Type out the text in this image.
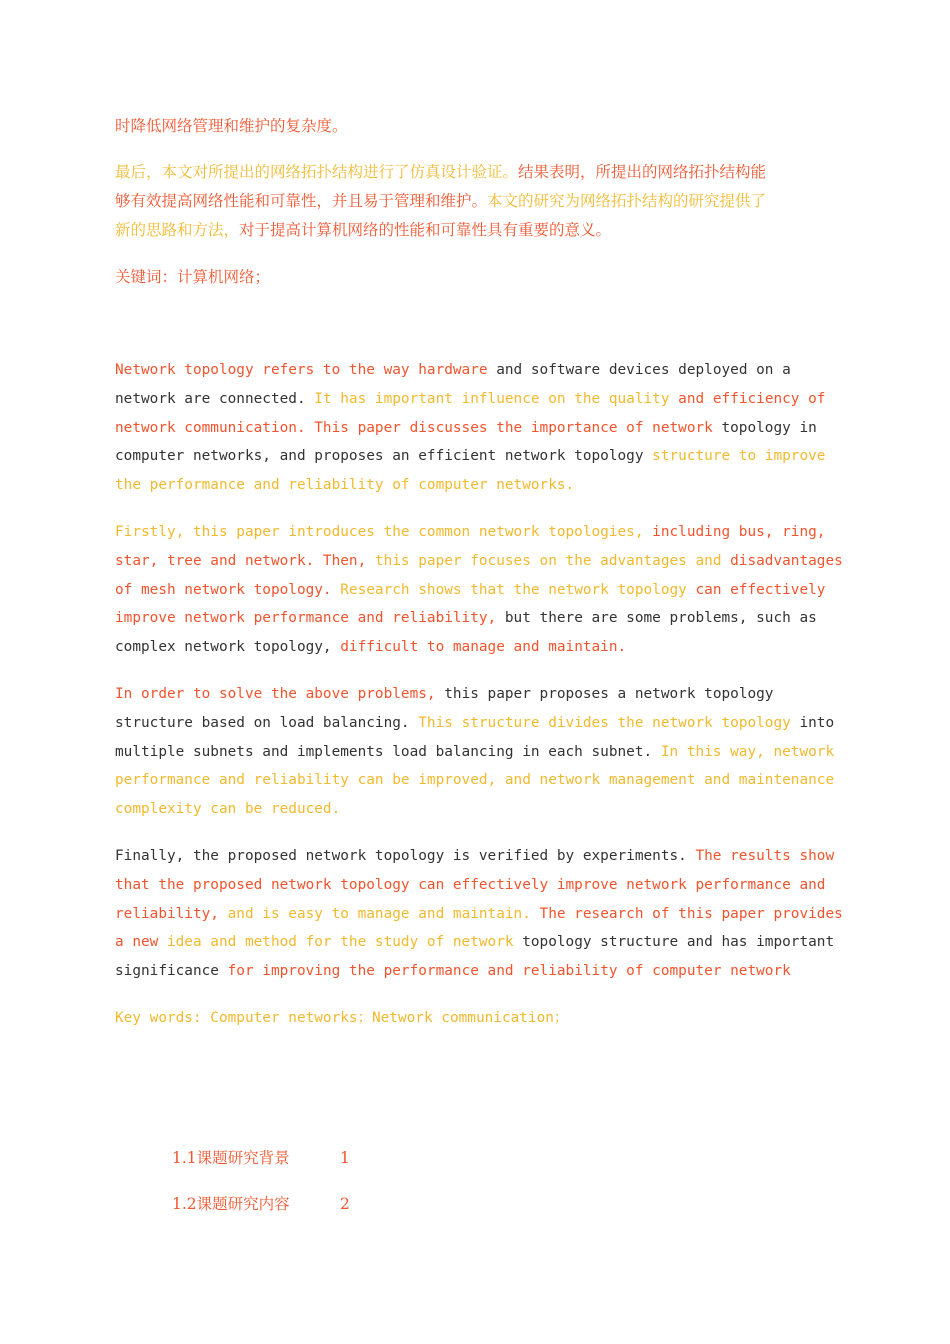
时降低网络管理和维护的复杂度。

最后，本文对所提出的网络拓扑结构进行了仿真设计验证。结果表明，所提出的网络拓扑结构能
够有效提高网络性能和可靠性，并且易于管理和维护。本文的研究为网络拓扑结构的研究提供了
新的思路和方法，对于提高计算机网络的性能和可靠性具有重要的意义。

关键词：计算机网络；

Network topology refers to the way hardware and software devices deployed on a
network are connected. It has important influence on the quality and efficiency of
network communication. This paper discusses the importance of network topology in
computer networks, and proposes an efficient network topology structure to improve
the performance and reliability of computer networks.

Firstly, this paper introduces the common network topologies, including bus, ring,
star, tree and network. Then, this paper focuses on the advantages and disadvantages
of mesh network topology. Research shows that the network topology can effectively
improve network performance and reliability, but there are some problems, such as
complex network topology, difficult to manage and maintain.

In order to solve the above problems, this paper proposes a network topology
structure based on load balancing. This structure divides the network topology into
multiple subnets and implements load balancing in each subnet. In this way, network
performance and reliability can be improved, and network management and maintenance
complexity can be reduced.

Finally, the proposed network topology is verified by experiments. The results show
that the proposed network topology can effectively improve network performance and
reliability, and is easy to manage and maintain. The research of this paper provides
a new idea and method for the study of network topology structure and has important
significance for improving the performance and reliability of computer network

Key words: Computer networks；Network communication；

1.1课题研究背景	1
1.2课题研究内容	2
